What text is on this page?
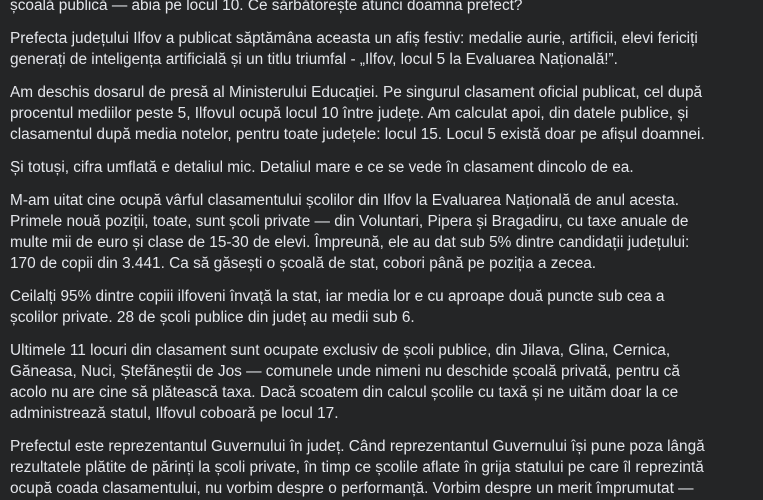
școală publică — abia pe locul 10. Ce sărbătorește atunci doamna prefect?

Prefecta județului Ilfov a publicat săptămâna aceasta un afiș festiv: medalie aurie, artificii, elevi fericiți
generați de inteligența artificială și un titlu triumfal - „Ilfov, locul 5 la Evaluarea Națională!”.

Am deschis dosarul de presă al Ministerului Educației. Pe singurul clasament oficial publicat, cel după
procentul mediilor peste 5, Ilfovul ocupă locul 10 între județe. Am calculat apoi, din datele publice, și
clasamentul după media notelor, pentru toate județele: locul 15. Locul 5 există doar pe afișul doamnei.

Și totuși, cifra umflată e detaliul mic. Detaliul mare e ce se vede în clasament dincolo de ea.

M-am uitat cine ocupă vârful clasamentului școlilor din Ilfov la Evaluarea Națională de anul acesta.
Primele nouă poziții, toate, sunt școli private — din Voluntari, Pipera și Bragadiru, cu taxe anuale de
multe mii de euro și clase de 15-30 de elevi. Împreună, ele au dat sub 5% dintre candidații județului:
170 de copii din 3.441. Ca să găsești o școală de stat, cobori până pe poziția a zecea.

Ceilalți 95% dintre copiii ilfoveni învață la stat, iar media lor e cu aproape două puncte sub cea a
școlilor private. 28 de școli publice din județ au medii sub 6.

Ultimele 11 locuri din clasament sunt ocupate exclusiv de școli publice, din Jilava, Glina, Cernica,
Găneasa, Nuci, Ștefăneștii de Jos — comunele unde nimeni nu deschide școală privată, pentru că
acolo nu are cine să plătească taxa. Dacă scoatem din calcul școlile cu taxă și ne uităm doar la ce
administrează statul, Ilfovul coboară pe locul 17.

Prefectul este reprezentantul Guvernului în județ. Când reprezentantul Guvernului își pune poza lângă
rezultatele plătite de părinți la școli private, în timp ce școlile aflate în grija statului pe care îl reprezintă
ocupă coada clasamentului, nu vorbim despre o performanță. Vorbim despre un merit împrumutat —
